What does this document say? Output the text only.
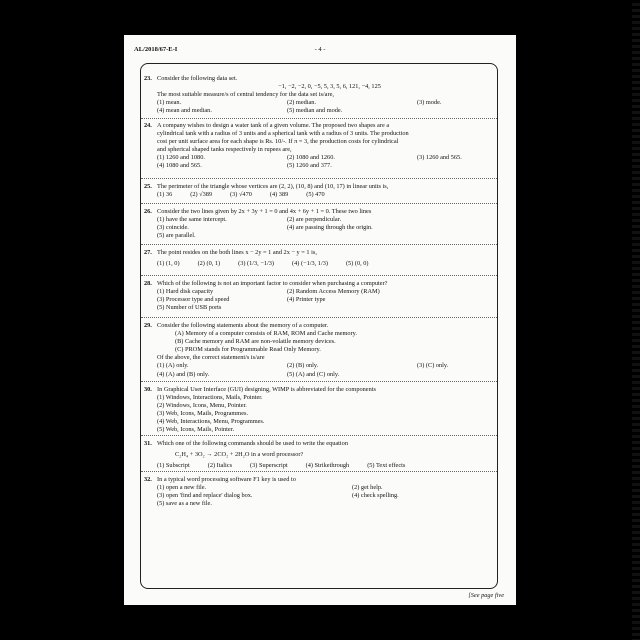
AL/2018/67-E-I	- 4 -
23. Consider the following data set.
−1, −2, −2, 0, −5, 5, 3, 5, 6, 121, −4, 125
The most suitable measure/s of central tendency for the data set is/are,
(1) mean.	(2) median.	(3) mode.
(4) mean and median.	(5) median and mode.
24. A company wishes to design a water tank of a given volume. The proposed two shapes are a
cylindrical tank with a radius of 3 units and a spherical tank with a radius of 3 units. The production
cost per unit surface area for each shape is Rs. 10/-. If π = 3, the production costs for cylindrical
and spherical shaped tanks respectively in rupees are,
(1) 1260 and 1080.	(2) 1080 and 1260.	(3) 1260 and 565.
(4) 1080 and 565.	(5) 1260 and 377.
25. The perimeter of the triangle whose vertices are (2, 2), (10, 8) and (10, 17) in linear units is,
(1) 36	(2) √389	(3) √470	(4) 389	(5) 470
26. Consider the two lines given by 2x + 3y + 1 = 0 and 4x + 6y + 1 = 0. These two lines
(1) have the same intercept.	(2) are perpendicular.
(3) coincide.	(4) are passing through the origin.
(5) are parallel.
27. The point resides on the both lines x − 2y = 1 and 2x − y = 1 is,
(1) (1, 0)	(2) (0, 1)	(3) (1/3, −1/3)	(4) (−1/3, 1/3)	(5) (0, 0)
28. Which of the following is not an important factor to consider when purchasing a computer?
(1) Hard disk capacity	(2) Random Access Memory (RAM)
(3) Processor type and speed	(4) Printer type
(5) Number of USB ports
29. Consider the following statements about the memory of a computer.
(A) Memory of a computer consists of RAM, ROM and Cache memory.
(B) Cache memory and RAM are non-volatile memory devices.
(C) PROM stands for Programmable Read Only Memory.
Of the above, the correct statement/s is/are
(1) (A) only.	(2) (B) only.	(3) (C) only.
(4) (A) and (B) only.	(5) (A) and (C) only.
30. In Graphical User Interface (GUI) designing, WIMP is abbreviated for the components
(1) Windows, Interactions, Mails, Pointer.
(2) Windows, Icons, Menu, Pointer.
(3) Web, Icons, Mails, Programmes.
(4) Web, Interactions, Menu, Programmes.
(5) Web, Icons, Mails, Pointer.
31. Which one of the following commands should be used to write the equation
C₂H₄ + 3O₂ → 2CO₂ + 2H₂O in a word processor?
(1) Subscript	(2) Italics	(3) Superscript	(4) Strikethrough	(5) Text effects
32. In a typical word processing software F1 key is used to
(1) open a new file.	(2) get help.
(3) open 'find and replace' dialog box.	(4) check spelling.
(5) save as a new file.
[See page five
